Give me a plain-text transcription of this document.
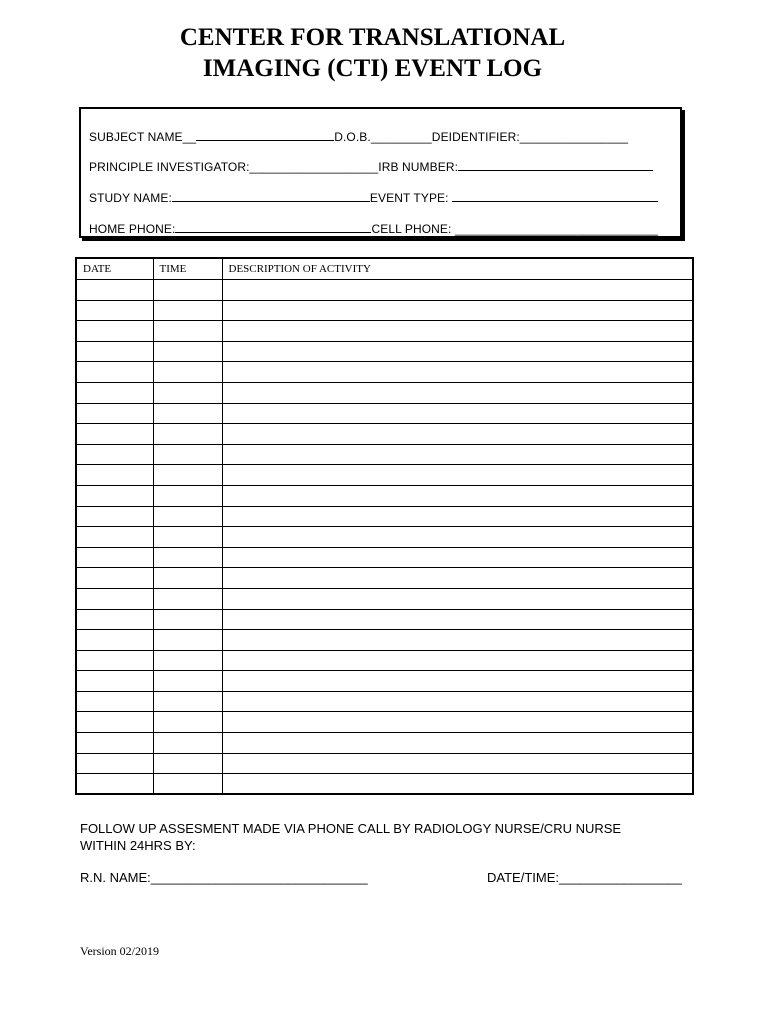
CENTER FOR TRANSLATIONAL
IMAGING (CTI) EVENT LOG
SUBJECT NAME__	D.O.B._________DEIDENTIFIER:________________
PRINCIPLE INVESTIGATOR:___________________IRB NUMBER:
STUDY NAME:	EVENT TYPE:
HOME PHONE:	CELL PHONE: ______________________________
DATE	TIME	DESCRIPTION OF ACTIVITY

FOLLOW UP ASSESMENT MADE VIA PHONE CALL BY RADIOLOGY NURSE/CRU NURSE
WITHIN 24HRS BY:
R.N. NAME:______________________________	DATE/TIME:_________________
Version 02/2019
